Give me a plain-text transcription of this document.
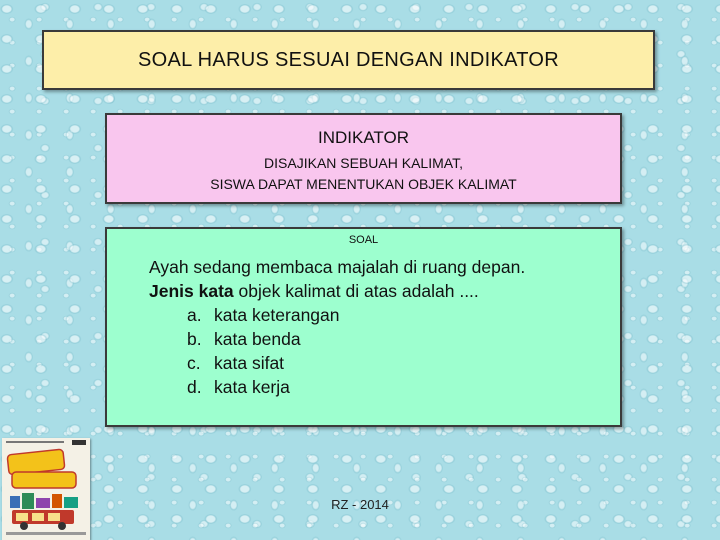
SOAL HARUS SESUAI DENGAN INDIKATOR
INDIKATOR
DISAJIKAN SEBUAH KALIMAT,
SISWA DAPAT MENENTUKAN OBJEK KALIMAT
SOAL
Ayah sedang membaca majalah di ruang depan.
Jenis kata objek kalimat di atas adalah ....
a. kata keterangan
b. kata benda
c. kata sifat
d. kata kerja
RZ - 2014
